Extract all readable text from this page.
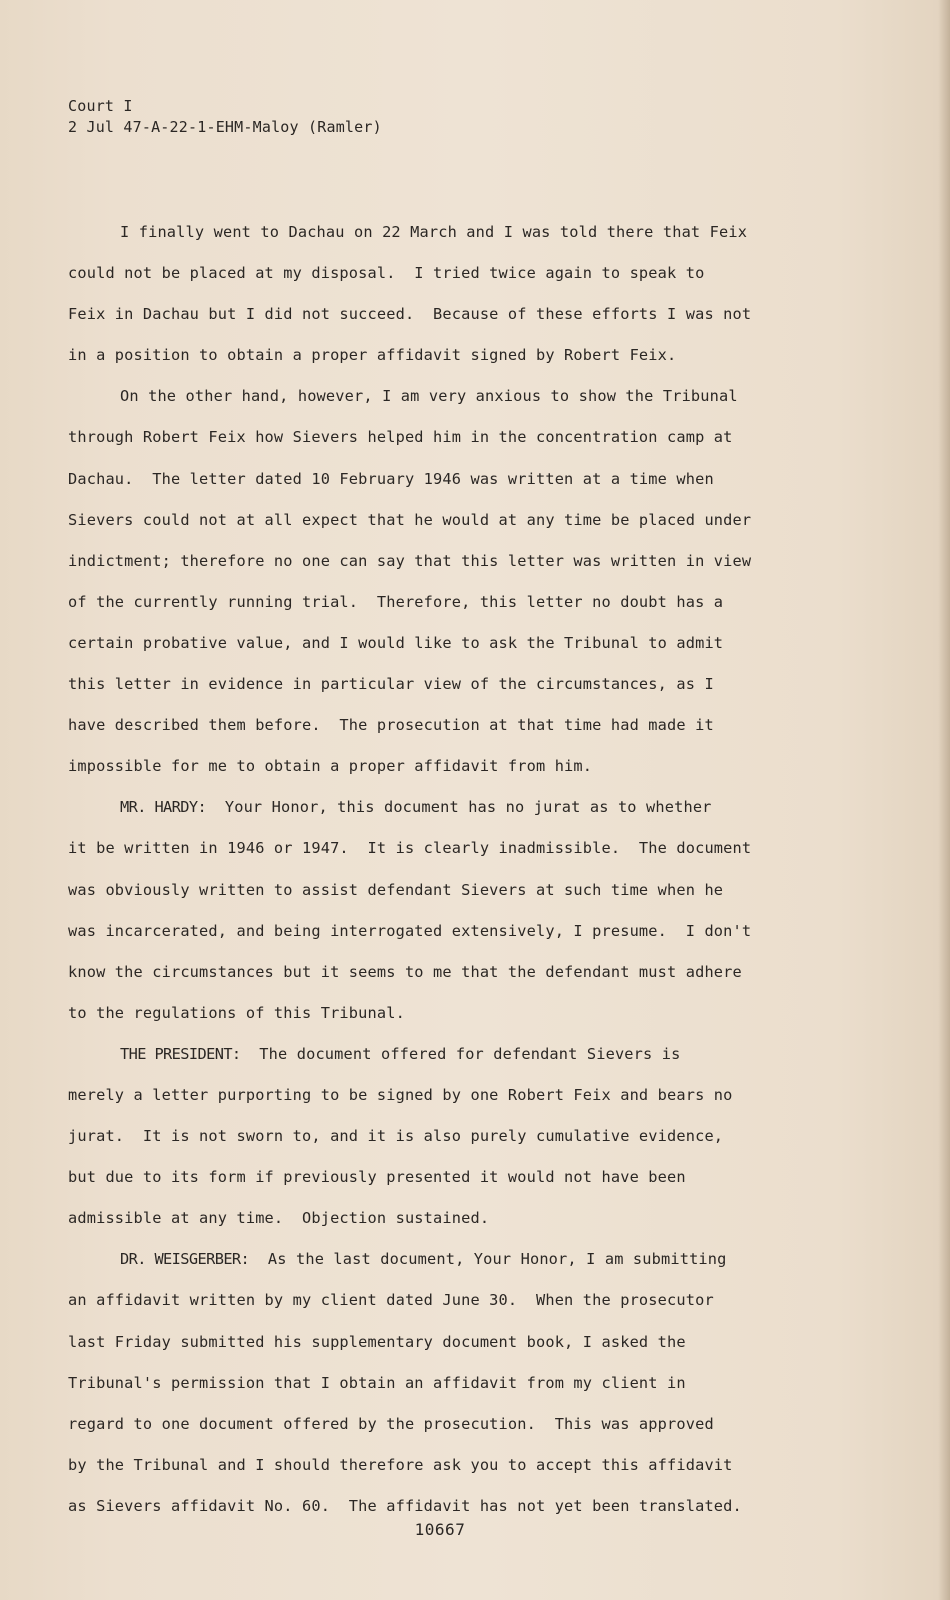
Court I
2 Jul 47-A-22-1-EHM-Maloy (Ramler)
I finally went to Dachau on 22 March and I was told there that Feix
could not be placed at my disposal.  I tried twice again to speak to
Feix in Dachau but I did not succeed.  Because of these efforts I was not
in a position to obtain a proper affidavit signed by Robert Feix.
On the other hand, however, I am very anxious to show the Tribunal
through Robert Feix how Sievers helped him in the concentration camp at
Dachau.  The letter dated 10 February 1946 was written at a time when
Sievers could not at all expect that he would at any time be placed under
indictment; therefore no one can say that this letter was written in view
of the currently running trial.  Therefore, this letter no doubt has a
certain probative value, and I would like to ask the Tribunal to admit
this letter in evidence in particular view of the circumstances, as I
have described them before.  The prosecution at that time had made it
impossible for me to obtain a proper affidavit from him.
MR. HARDY: Your Honor, this document has no jurat as to whether
it be written in 1946 or 1947.  It is clearly inadmissible.  The document
was obviously written to assist defendant Sievers at such time when he
was incarcerated, and being interrogated extensively, I presume.  I don't
know the circumstances but it seems to me that the defendant must adhere
to the regulations of this Tribunal.
THE PRESIDENT: The document offered for defendant Sievers is
merely a letter purporting to be signed by one Robert Feix and bears no
jurat.  It is not sworn to, and it is also purely cumulative evidence,
but due to its form if previously presented it would not have been
admissible at any time.  Objection sustained.
DR. WEISGERBER: As the last document, Your Honor, I am submitting
an affidavit written by my client dated June 30.  When the prosecutor
last Friday submitted his supplementary document book, I asked the
Tribunal's permission that I obtain an affidavit from my client in
regard to one document offered by the prosecution.  This was approved
by the Tribunal and I should therefore ask you to accept this affidavit
as Sievers affidavit No. 60.  The affidavit has not yet been translated.
10667
